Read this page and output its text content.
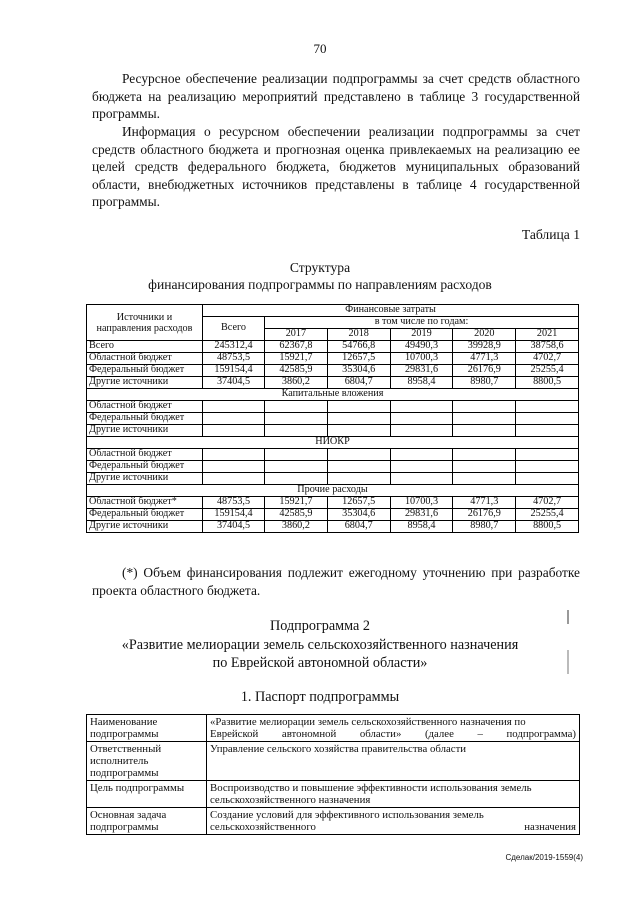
70

Ресурсное обеспечение реализации подпрограммы за счет средств областного бюджета на реализацию мероприятий представлено в таблице 3 государственной программы.

Информация о ресурсном обеспечении реализации подпрограммы за счет средств областного бюджета и прогнозная оценка привлекаемых на реализацию ее целей средств федерального бюджета, бюджетов муниципальных образований области, внебюджетных источников представлены в таблице 4 государственной программы.

Таблица 1
Структура
финансирования подпрограммы по направлениям расходов
Источники и направления расходов	Финансовые затраты					
	Всего	в том числе по годам:				
		2017	2018	2019	2020	2021
Всего	245312,4	62367,8	54766,8	49490,3	39928,9	38758,6
Областной бюджет	48753,5	15921,7	12657,5	10700,3	4771,3	4702,7
Федеральный бюджет	159154,4	42585,9	35304,6	29831,6	26176,9	25255,4
Другие источники	37404,5	3860,2	6804,7	8958,4	8980,7	8800,5
Капитальные вложения						
Областной бюджет						
Федеральный бюджет						
Другие источники						
НИОКР						
Областной бюджет						
Федеральный бюджет						
Другие источники						
Прочие расходы						
Областной бюджет*	48753,5	15921,7	12657,5	10700,3	4771,3	4702,7
Федеральный бюджет	159154,4	42585,9	35304,6	29831,6	26176,9	25255,4
Другие источники	37404,5	3860,2	6804,7	8958,4	8980,7	8800,5

(*) Объем финансирования подлежит ежегодному уточнению при разработке проекта областного бюджета.

Подпрограмма 2
«Развитие мелиорации земель сельскохозяйственного назначения
по Еврейской автономной области»
1. Паспорт подпрограммы
Наименование подпрограммы	«Развитие мелиорации земель сельскохозяйственного назначения по Еврейской автономной области» (далее – подпрограмма)
Ответственный исполнитель подпрограммы	Управление сельского хозяйства правительства области
Цель подпрограммы	Воспроизводство и повышение эффективности использования земель сельскохозяйственного назначения
Основная задача подпрограммы	Создание условий для эффективного использования земель сельскохозяйственного назначения
Сделак/2019-1559(4)
